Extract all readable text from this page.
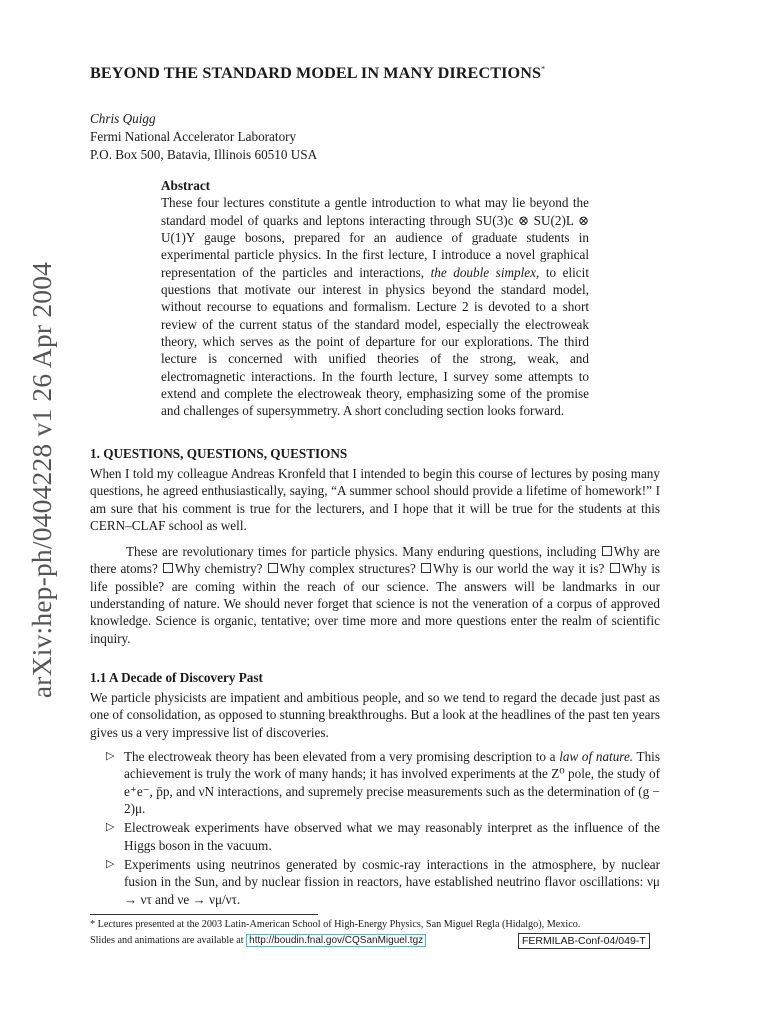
arXiv:hep-ph/0404228 v1 26 Apr 2004
BEYOND THE STANDARD MODEL IN MANY DIRECTIONS*
Chris Quigg
Fermi National Accelerator Laboratory
P.O. Box 500, Batavia, Illinois 60510 USA
Abstract
These four lectures constitute a gentle introduction to what may lie beyond the standard model of quarks and leptons interacting through SU(3)c ⊗ SU(2)L ⊗ U(1)Y gauge bosons, prepared for an audience of graduate students in experimental particle physics. In the first lecture, I introduce a novel graphical representation of the particles and interactions, the double simplex, to elicit questions that motivate our interest in physics beyond the standard model, without recourse to equations and formalism. Lecture 2 is devoted to a short review of the current status of the standard model, especially the electroweak theory, which serves as the point of departure for our explorations. The third lecture is concerned with unified theories of the strong, weak, and electromagnetic interactions. In the fourth lecture, I survey some attempts to extend and complete the electroweak theory, emphasizing some of the promise and challenges of supersymmetry. A short concluding section looks forward.
1. QUESTIONS, QUESTIONS, QUESTIONS
When I told my colleague Andreas Kronfeld that I intended to begin this course of lectures by posing many questions, he agreed enthusiastically, saying, “A summer school should provide a lifetime of homework!” I am sure that his comment is true for the lecturers, and I hope that it will be true for the students at this CERN–CLAF school as well.
These are revolutionary times for particle physics. Many enduring questions, including Why are there atoms? Why chemistry? Why complex structures? Why is our world the way it is? Why is life possible? are coming within the reach of our science. The answers will be landmarks in our understanding of nature. We should never forget that science is not the veneration of a corpus of approved knowledge. Science is organic, tentative; over time more and more questions enter the realm of scientific inquiry.
1.1 A Decade of Discovery Past
We particle physicists are impatient and ambitious people, and so we tend to regard the decade just past as one of consolidation, as opposed to stunning breakthroughs. But a look at the headlines of the past ten years gives us a very impressive list of discoveries.
▷ The electroweak theory has been elevated from a very promising description to a law of nature. This achievement is truly the work of many hands; it has involved experiments at the Z⁰ pole, the study of e⁺e⁻, p̄p, and νN interactions, and supremely precise measurements such as the determination of (g − 2)μ.
▷ Electroweak experiments have observed what we may reasonably interpret as the influence of the Higgs boson in the vacuum.
▷ Experiments using neutrinos generated by cosmic-ray interactions in the atmosphere, by nuclear fusion in the Sun, and by nuclear fission in reactors, have established neutrino flavor oscillations: νμ → ντ and νe → νμ/ντ.
* Lectures presented at the 2003 Latin-American School of High-Energy Physics, San Miguel Regla (Hidalgo), Mexico.
Slides and animations are available at http://boudin.fnal.gov/CQSanMiguel.tgz	FERMILAB-Conf-04/049-T
